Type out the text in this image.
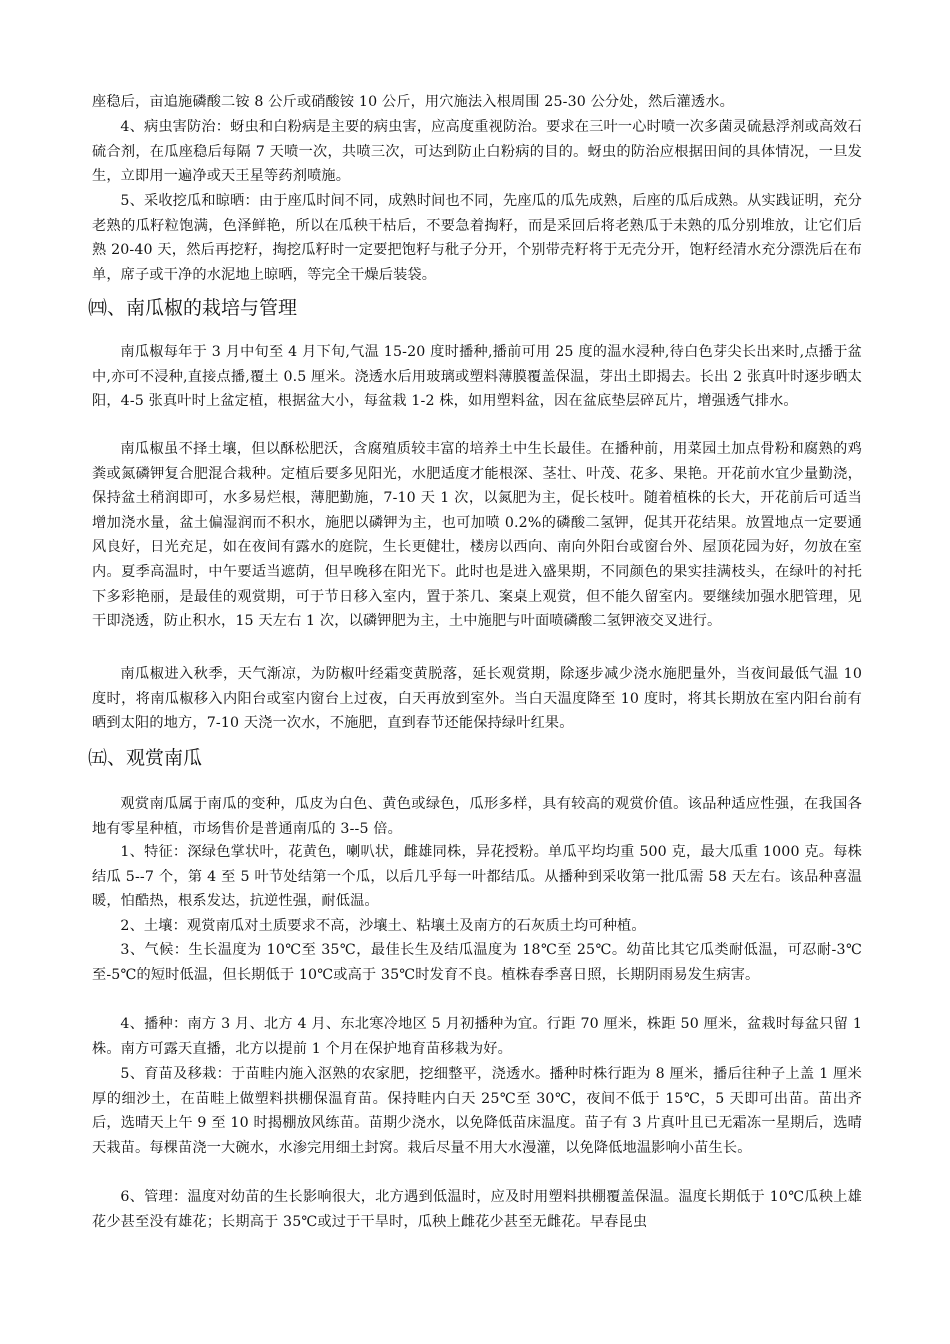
座稳后，亩追施磷酸二铵 8 公斤或硝酸铵 10 公斤，用穴施法入根周围 25-30 公分处，然后灌透水。

4、病虫害防治：蚜虫和白粉病是主要的病虫害，应高度重视防治。要求在三叶一心时喷一次多菌灵硫悬浮剂或高效石硫合剂，在瓜座稳后每隔 7 天喷一次，共喷三次，可达到防止白粉病的目的。蚜虫的防治应根据田间的具体情况，一旦发生，立即用一遍净或天王星等药剂喷施。

5、采收挖瓜和晾晒：由于座瓜时间不同，成熟时间也不同，先座瓜的瓜先成熟，后座的瓜后成熟。从实践证明，充分老熟的瓜籽粒饱满，色泽鲜艳，所以在瓜秧干枯后，不要急着掏籽，而是采回后将老熟瓜于未熟的瓜分别堆放，让它们后熟 20-40 天，然后再挖籽，掏挖瓜籽时一定要把饱籽与秕子分开，个别带壳籽将于无壳分开，饱籽经清水充分漂洗后在布单，席子或干净的水泥地上晾晒，等完全干燥后装袋。

㈣、南瓜椒的栽培与管理

南瓜椒每年于 3 月中旬至 4 月下旬,气温 15-20 度时播种,播前可用 25 度的温水浸种,待白色芽尖长出来时,点播于盆中,亦可不浸种,直接点播,覆土 0.5 厘米。浇透水后用玻璃或塑料薄膜覆盖保温，芽出土即揭去。长出 2 张真叶时逐步晒太阳，4-5 张真叶时上盆定植，根据盆大小，每盆栽 1-2 株，如用塑料盆，因在盆底垫层碎瓦片，增强透气排水。

南瓜椒虽不择土壤，但以酥松肥沃，含腐殖质较丰富的培养土中生长最佳。在播种前，用菜园土加点骨粉和腐熟的鸡粪或氮磷钾复合肥混合栽种。定植后要多见阳光，水肥适度才能根深、茎壮、叶茂、花多、果艳。开花前水宜少量勤浇，保持盆土稍润即可，水多易烂根，薄肥勤施，7-10 天 1 次，以氮肥为主，促长枝叶。随着植株的长大，开花前后可适当增加浇水量，盆土偏湿润而不积水，施肥以磷钾为主，也可加喷 0.2%的磷酸二氢钾，促其开花结果。放置地点一定要通风良好，日光充足，如在夜间有露水的庭院，生长更健壮，楼房以西向、南向外阳台或窗台外、屋顶花园为好，勿放在室内。夏季高温时，中午要适当遮荫，但早晚移在阳光下。此时也是进入盛果期，不同颜色的果实挂满枝头，在绿叶的衬托下多彩艳丽，是最佳的观赏期，可于节日移入室内，置于茶几、案桌上观赏，但不能久留室内。要继续加强水肥管理，见干即浇透，防止积水，15 天左右 1 次，以磷钾肥为主，土中施肥与叶面喷磷酸二氢钾液交叉进行。

南瓜椒进入秋季，天气渐凉，为防椒叶经霜变黄脱落，延长观赏期，除逐步减少浇水施肥量外，当夜间最低气温 10 度时，将南瓜椒移入内阳台或室内窗台上过夜，白天再放到室外。当白天温度降至 10 度时，将其长期放在室内阳台前有晒到太阳的地方，7-10 天浇一次水，不施肥，直到春节还能保持绿叶红果。

㈤、观赏南瓜

观赏南瓜属于南瓜的变种，瓜皮为白色、黄色或绿色，瓜形多样，具有较高的观赏价值。该品种适应性强，在我国各地有零星种植，市场售价是普通南瓜的 3--5 倍。

1、特征：深绿色掌状叶，花黄色，喇叭状，雌雄同株，异花授粉。单瓜平均均重 500 克，最大瓜重 1000 克。每株结瓜 5--7 个，第 4 至 5 叶节处结第一个瓜，以后几乎每一叶都结瓜。从播种到采收第一批瓜需 58 天左右。该品种喜温暖，怕酷热，根系发达，抗逆性强，耐低温。

2、土壤：观赏南瓜对土质要求不高，沙壤土、粘壤土及南方的石灰质土均可种植。

3、气候：生长温度为 10℃至 35℃，最佳长生及结瓜温度为 18℃至 25℃。幼苗比其它瓜类耐低温，可忍耐-3℃至-5℃的短时低温，但长期低于 10℃或高于 35℃时发育不良。植株春季喜日照，长期阴雨易发生病害。

4、播种：南方 3 月、北方 4 月、东北寒冷地区 5 月初播种为宜。行距 70 厘米，株距 50 厘米，盆栽时每盆只留 1 株。南方可露天直播，北方以提前 1 个月在保护地育苗移栽为好。

5、育苗及移栽：于苗畦内施入沤熟的农家肥，挖细整平，浇透水。播种时株行距为 8 厘米，播后往种子上盖 1 厘米厚的细沙土，在苗畦上做塑料拱棚保温育苗。保持畦内白天 25℃至 30℃，夜间不低于 15℃，5 天即可出苗。苗出齐后，选晴天上午 9 至 10 时揭棚放风练苗。苗期少浇水，以免降低苗床温度。苗子有 3 片真叶且已无霜冻一星期后，选晴天栽苗。每棵苗浇一大碗水，水渗完用细土封窝。栽后尽量不用大水漫灌，以免降低地温影响小苗生长。

6、管理：温度对幼苗的生长影响很大，北方遇到低温时，应及时用塑料拱棚覆盖保温。温度长期低于 10℃瓜秧上雄花少甚至没有雄花；长期高于 35℃或过于干旱时，瓜秧上雌花少甚至无雌花。早春昆虫
